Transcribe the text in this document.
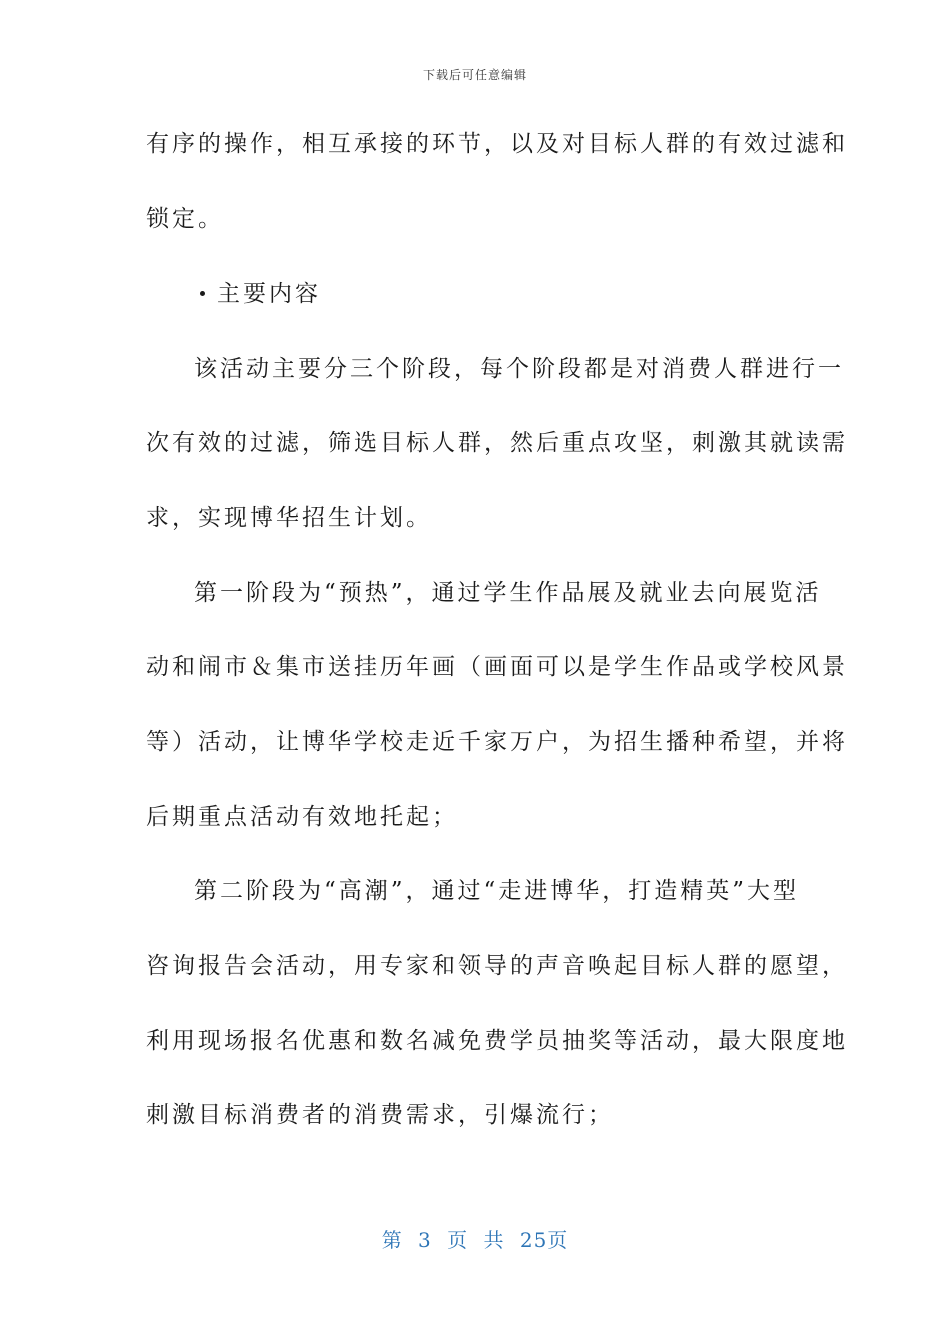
下载后可任意编辑
有序的操作，相互承接的环节，以及对目标人群的有效过滤和
锁定。
主要内容
该活动主要分三个阶段，每个阶段都是对消费人群进行一
次有效的过滤，筛选目标人群，然后重点攻坚，刺激其就读需
求，实现博华招生计划。
第一阶段为“预热”，通过学生作品展及就业去向展览活
动和闹市＆集市送挂历年画（画面可以是学生作品或学校风景
等）活动，让博华学校走近千家万户，为招生播种希望，并将
后期重点活动有效地托起；
第二阶段为“高潮”，通过“走进博华，打造精英”大型
咨询报告会活动，用专家和领导的声音唤起目标人群的愿望，
利用现场报名优惠和数名减免费学员抽奖等活动，最大限度地
刺激目标消费者的消费需求，引爆流行；
第 3 页 共 25页
